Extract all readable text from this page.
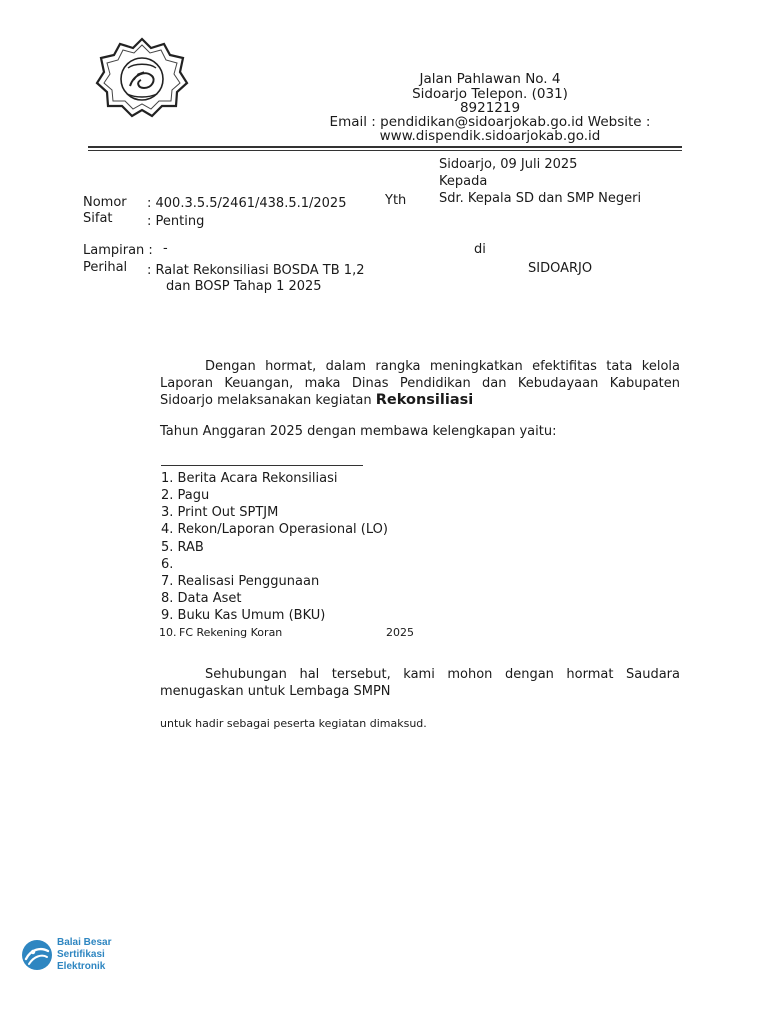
Jalan Pahlawan No. 4
Sidoarjo Telepon. (031)
8921219
Email : pendidikan@sidoarjokab.go.id Website :
www.dispendik.sidoarjokab.go.id
Sidoarjo, 09 Juli 2025
Kepada
Yth	Sdr. Kepala SD dan SMP Negeri
Nomor : 400.3.5.5/2461/438.5.1/2025
Sifat	: Penting
Lampiran : -	di
Perihal : Ralat Rekonsiliasi BOSDA TB 1,2
dan BOSP Tahap 1 2025
SIDOARJO
Dengan hormat, dalam rangka meningkatkan efektifitas tata kelola Laporan Keuangan, maka Dinas Pendidikan dan Kebudayaan Kabupaten Sidoarjo melaksanakan kegiatan Rekonsiliasi
Tahun Anggaran 2025 dengan membawa kelengkapan yaitu:
1. Berita Acara Rekonsiliasi
2. Pagu
3. Print Out SPTJM
4. Rekon/Laporan Operasional (LO)
5. RAB
6.
7. Realisasi Penggunaan
8. Data Aset
9. Buku Kas Umum (BKU)
10. FC Rekening Koran	2025
Sehubungan hal tersebut, kami mohon dengan hormat Saudara menugaskan untuk Lembaga SMPN
untuk hadir sebagai peserta kegiatan dimaksud.
Balai Besar
Sertifikasi
Elektronik
